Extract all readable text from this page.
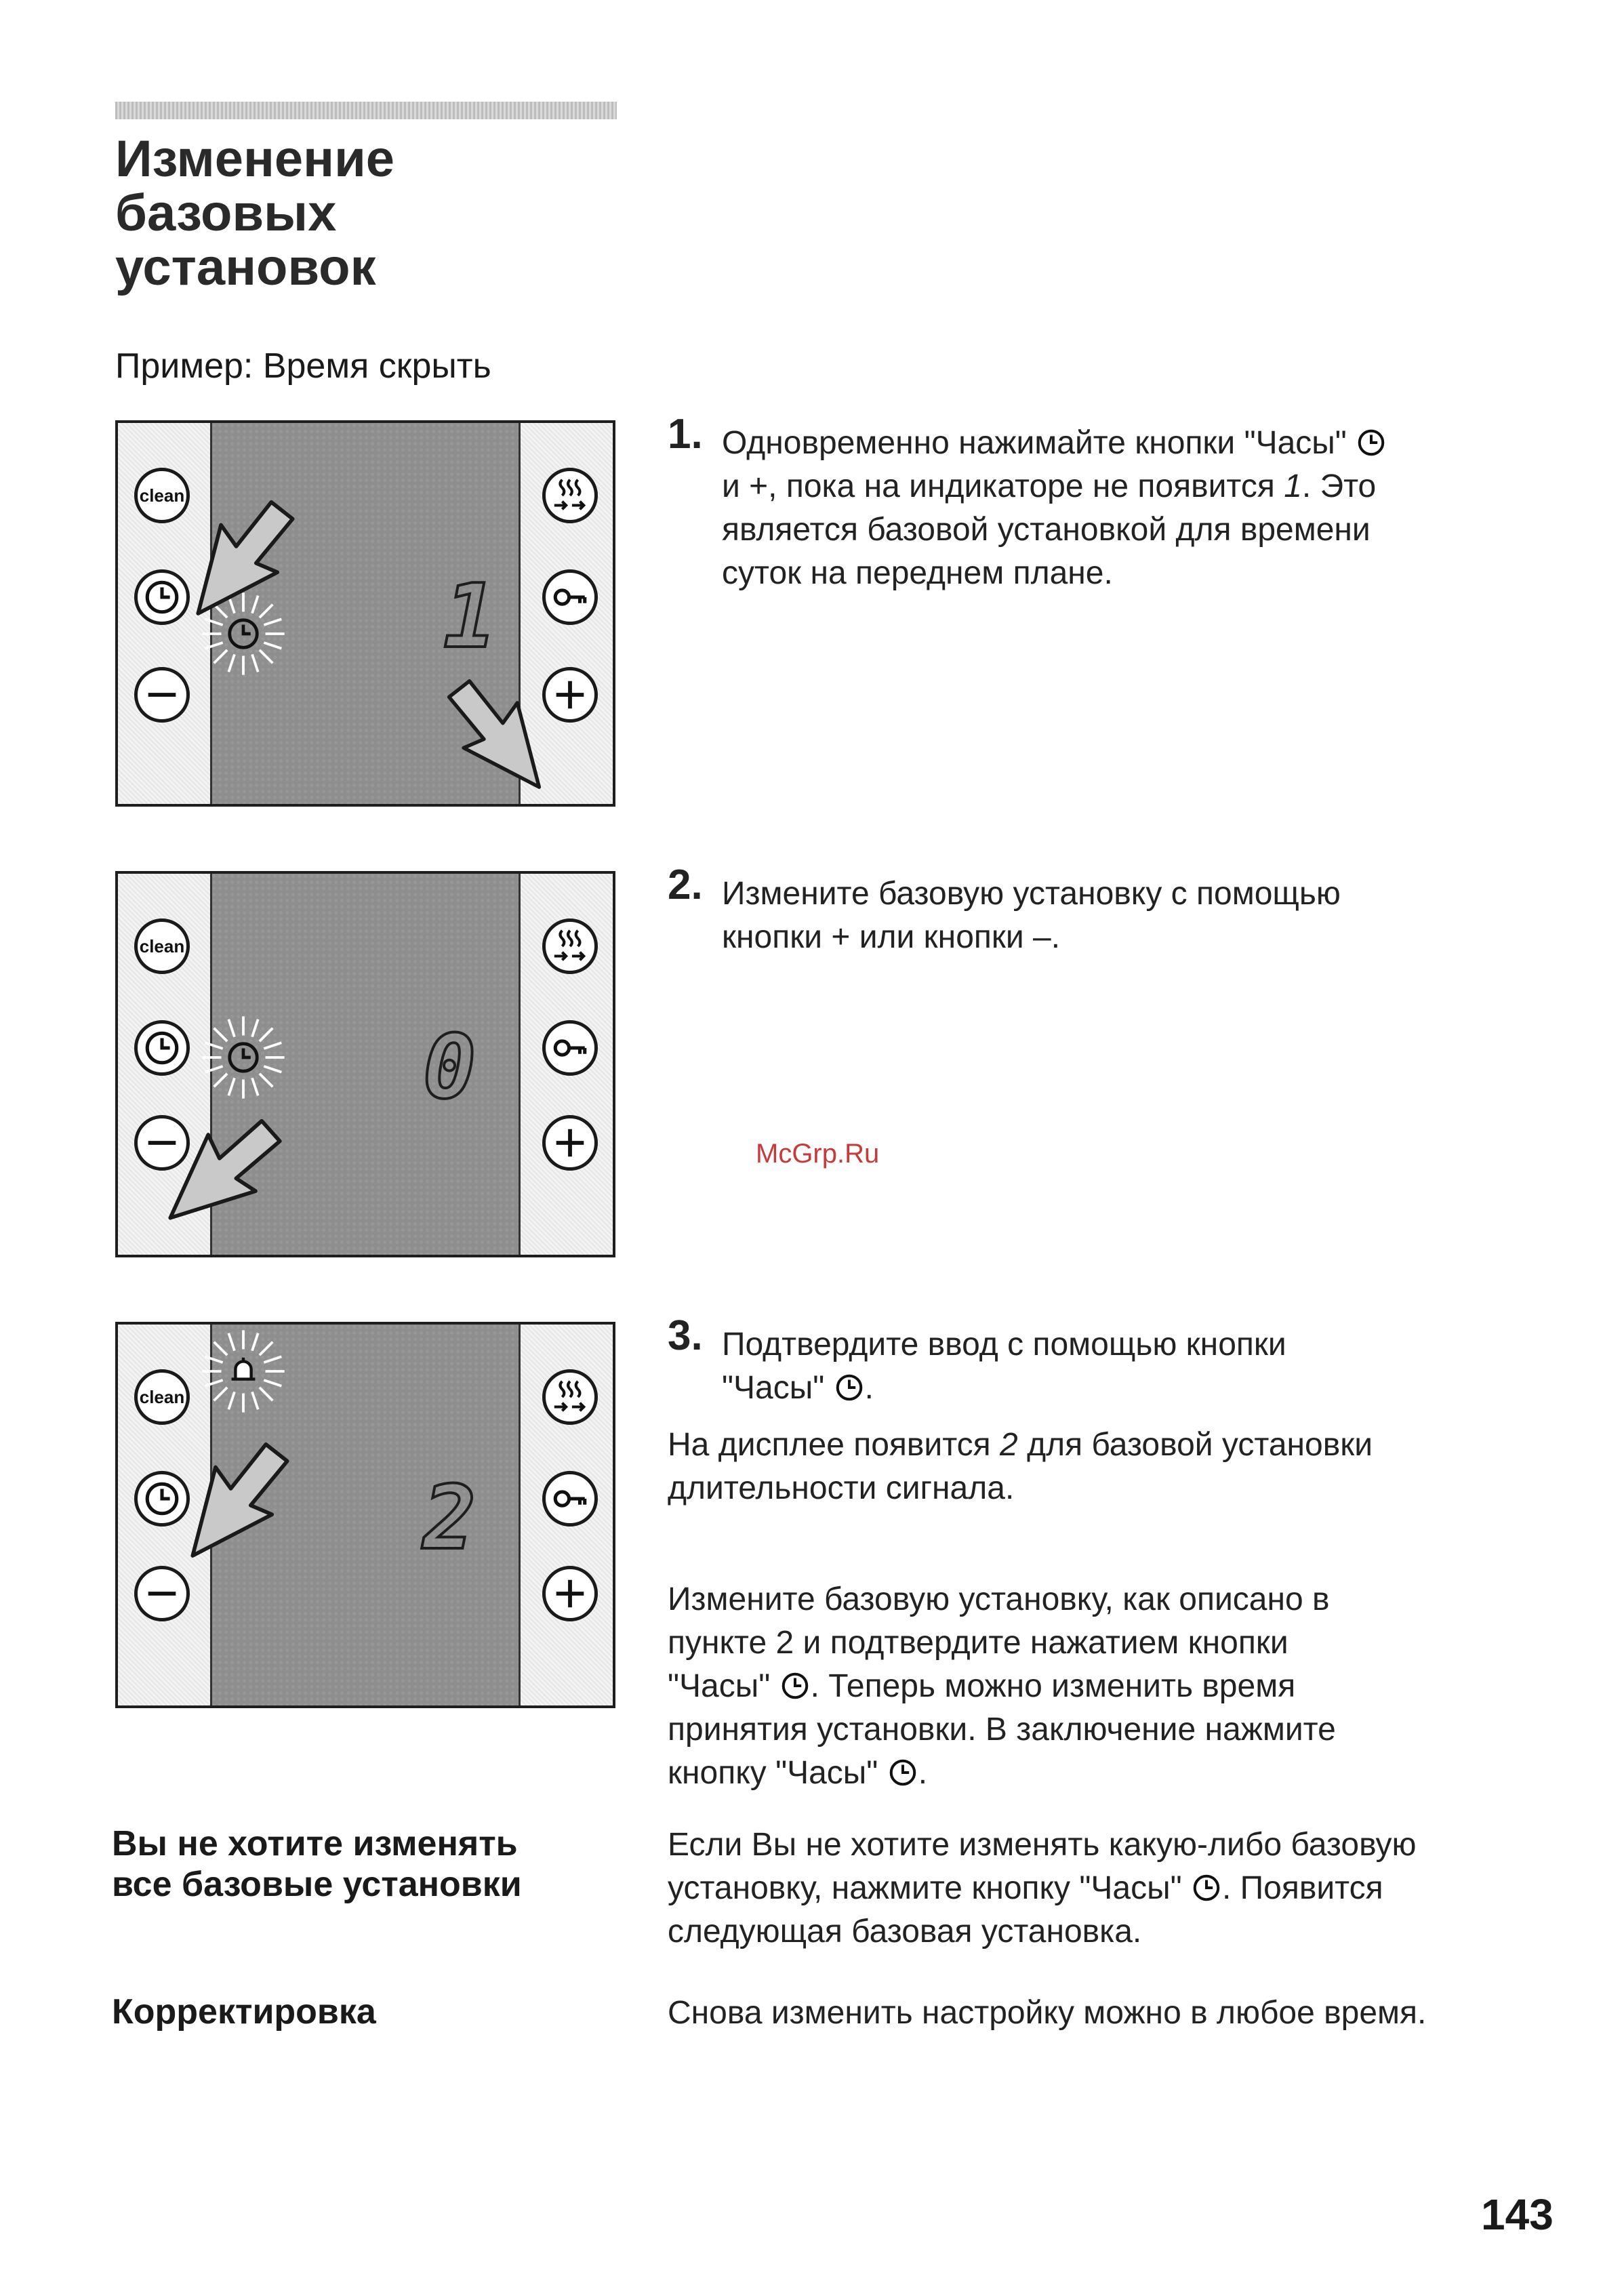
Изменение
базовых
установок
Пример: Время скрыть
clean
1
clean
0
clean
2
1. Одновременно нажимайте кнопки "Часы"
и +, пока на индикаторе не появится 1. Это
является базовой установкой для времени
суток на переднем плане.
2. Измените базовую установку с помощью
кнопки + или кнопки –.
McGrp.Ru
3. Подтвердите ввод с помощью кнопки
"Часы" .
На дисплее появится 2 для базовой установки
длительности сигнала.
Измените базовую установку, как описано в
пункте 2 и подтвердите нажатием кнопки
"Часы" . Теперь можно изменить время
принятия установки. В заключение нажмите
кнопку "Часы" .
Вы не хотите изменять
все базовые установки
Если Вы не хотите изменять какую-либо базовую
установку, нажмите кнопку "Часы" . Появится
следующая базовая установка.
Корректировка	Снова изменить настройку можно в любое время.
143
